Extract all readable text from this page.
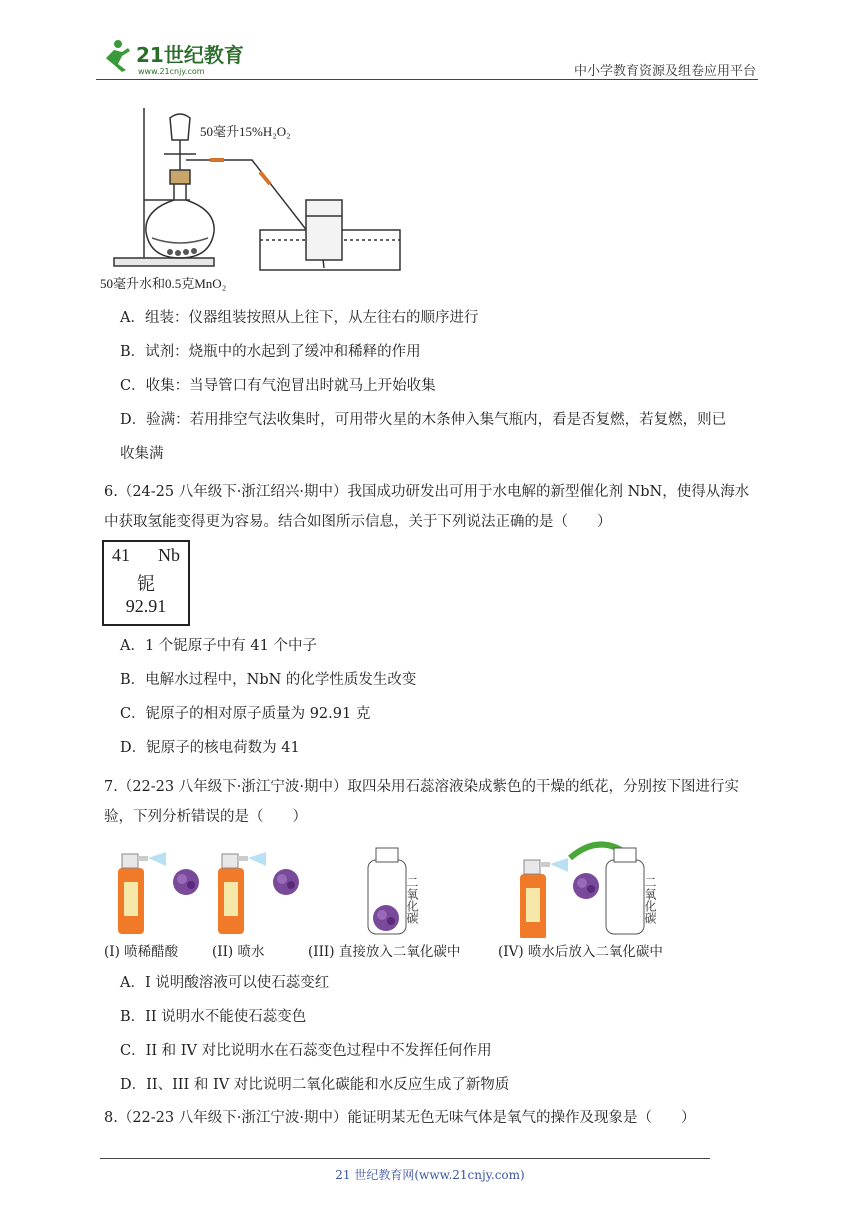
21世纪教育
www.21cnjy.com	中小学教育资源及组卷应用平台
50毫升15%H₂O₂
50毫升水和0.5克MnO₂
A．组装：仪器组装按照从上往下，从左往右的顺序进行
B．试剂：烧瓶中的水起到了缓冲和稀释的作用
C．收集：当导管口有气泡冒出时就马上开始收集
D．验满：若用排空气法收集时，可用带火星的木条伸入集气瓶内，看是否复燃，若复燃，则已
收集满
6.（24-25 八年级下·浙江绍兴·期中）我国成功研发出可用于水电解的新型催化剂 NbN，使得从海水
中获取氢能变得更为容易。结合如图所示信息，关于下列说法正确的是（　　）
41 Nb
铌
92.91
A．1 个铌原子中有 41 个中子
B．电解水过程中，NbN 的化学性质发生改变
C．铌原子的相对原子质量为 92.91 克
D．铌原子的核电荷数为 41
7.（22-23 八年级下·浙江宁波·期中）取四朵用石蕊溶液染成紫色的干燥的纸花，分别按下图进行实
验，下列分析错误的是（　　）
二氧化碳	二氧化碳
(I) 喷稀醋酸	(II) 喷水	(III) 直接放入二氧化碳中	(IV) 喷水后放入二氧化碳中
A．I 说明酸溶液可以使石蕊变红
B．II 说明水不能使石蕊变色
C．II 和 IV 对比说明水在石蕊变色过程中不发挥任何作用
D．II、III 和 IV 对比说明二氧化碳能和水反应生成了新物质
8.（22-23 八年级下·浙江宁波·期中）能证明某无色无味气体是氧气的操作及现象是（　　）
21 世纪教育网(www.21cnjy.com)
